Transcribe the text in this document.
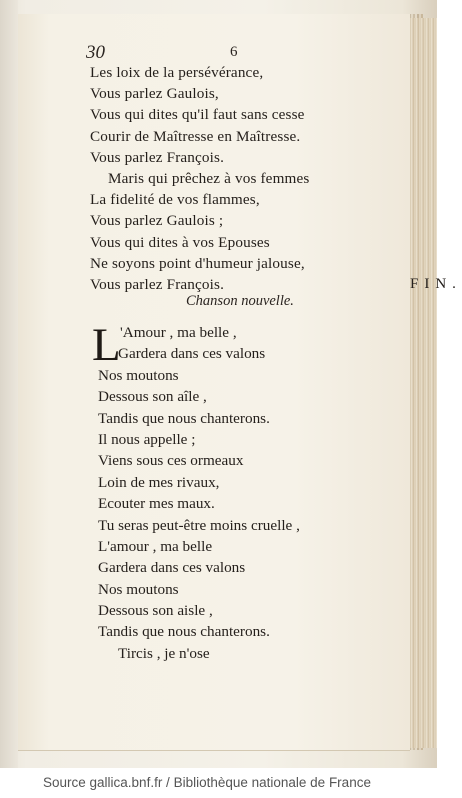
30	6
Les loix de la persévérance,
Vous parlez Gaulois,
Vous qui dites qu'il faut sans cesse
Courir de Maîtresse en Maîtresse.
Vous parlez François.
Maris qui prêchez à vos femmes
La fidelité de vos flammes,
Vous parlez Gaulois ;
Vous qui dites à vos Epouses
Ne soyons point d'humeur jalouse,
Vous parlez François.	FIN.
Chanson nouvelle.
L 'Amour , ma belle ,
Gardera dans ces valons
Nos moutons
Dessous son aîle ,
Tandis que nous chanterons.
Il nous appelle ;
Viens sous ces ormeaux
Loin de mes rivaux,
Ecouter mes maux.
Tu seras peut-être moins cruelle ,
L'amour , ma belle
Gardera dans ces valons
Nos moutons
Dessous son aisle ,
Tandis que nous chanterons.
Tircis , je n'ose
Source gallica.bnf.fr / Bibliothèque nationale de France
